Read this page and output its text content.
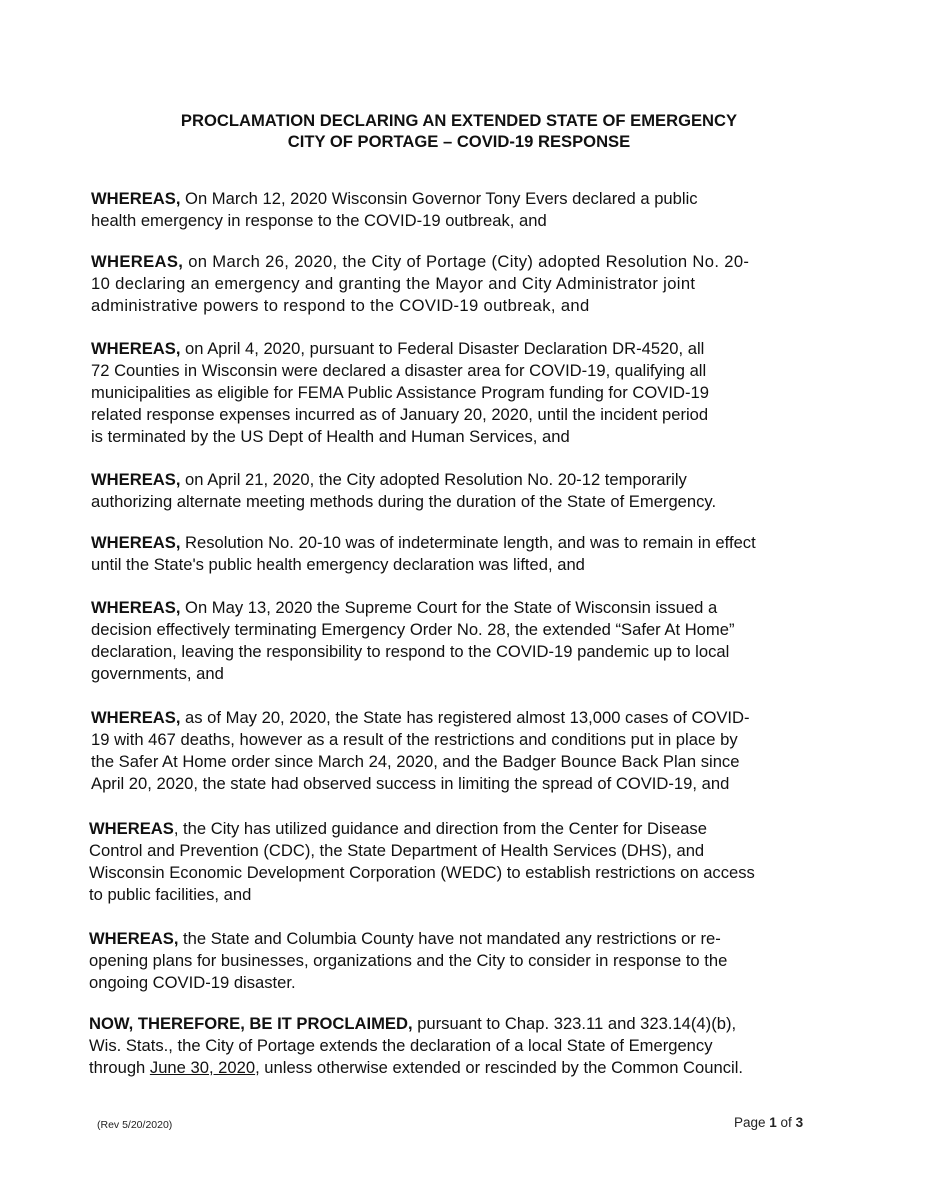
PROCLAMATION DECLARING AN EXTENDED STATE OF EMERGENCY
CITY OF PORTAGE – COVID-19 RESPONSE
WHEREAS, On March 12, 2020 Wisconsin Governor Tony Evers declared a public
health emergency in response to the COVID-19 outbreak, and
WHEREAS, on March 26, 2020, the City of Portage (City) adopted Resolution No. 20-
10 declaring an emergency and granting the Mayor and City Administrator joint
administrative powers to respond to the COVID-19 outbreak, and
WHEREAS, on April 4, 2020, pursuant to Federal Disaster Declaration DR-4520, all
72 Counties in Wisconsin were declared a disaster area for COVID-19, qualifying all
municipalities as eligible for FEMA Public Assistance Program funding for COVID-19
related response expenses incurred as of January 20, 2020, until the incident period
is terminated by the US Dept of Health and Human Services, and
WHEREAS, on April 21, 2020, the City adopted Resolution No. 20-12 temporarily
authorizing alternate meeting methods during the duration of the State of Emergency.
WHEREAS, Resolution No. 20-10 was of indeterminate length, and was to remain in effect
until the State's public health emergency declaration was lifted, and
WHEREAS, On May 13, 2020 the Supreme Court for the State of Wisconsin issued a
decision effectively terminating Emergency Order No. 28, the extended “Safer At Home”
declaration, leaving the responsibility to respond to the COVID-19 pandemic up to local
governments, and
WHEREAS, as of May 20, 2020, the State has registered almost 13,000 cases of COVID-
19 with 467 deaths, however as a result of the restrictions and conditions put in place by
the Safer At Home order since March 24, 2020, and the Badger Bounce Back Plan since
April 20, 2020, the state had observed success in limiting the spread of COVID-19, and
WHEREAS, the City has utilized guidance and direction from the Center for Disease
Control and Prevention (CDC), the State Department of Health Services (DHS), and
Wisconsin Economic Development Corporation (WEDC) to establish restrictions on access
to public facilities, and
WHEREAS, the State and Columbia County have not mandated any restrictions or re-
opening plans for businesses, organizations and the City to consider in response to the
ongoing COVID-19 disaster.
NOW, THEREFORE, BE IT PROCLAIMED, pursuant to Chap. 323.11 and 323.14(4)(b),
Wis. Stats., the City of Portage extends the declaration of a local State of Emergency
through June 30, 2020, unless otherwise extended or rescinded by the Common Council.
(Rev 5/20/2020)	Page 1 of 3
